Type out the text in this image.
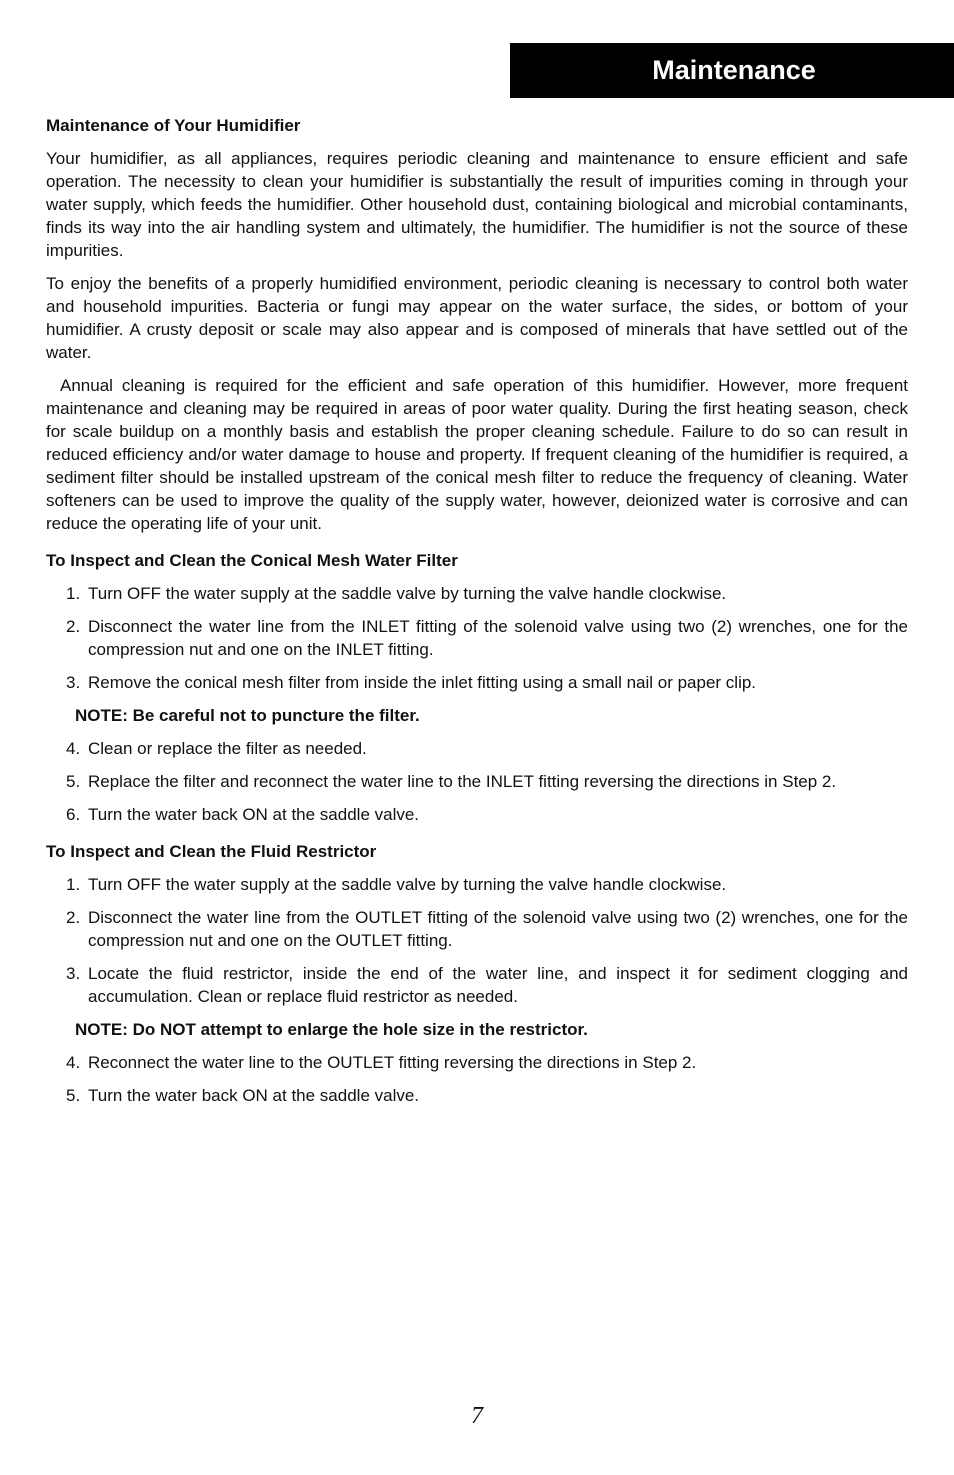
Maintenance
Maintenance of Your Humidifier

Your humidifier, as all appliances, requires periodic cleaning and maintenance to ensure efficient and safe operation. The necessity to clean your humidifier is substantially the result of impurities coming in through your water supply, which feeds the humidifier. Other household dust, containing biological and microbial contaminants, finds its way into the air handling system and ultimately, the humidifier. The humidifier is not the source of these impurities.

To enjoy the benefits of a properly humidified environment, periodic cleaning is necessary to control both water and household impurities. Bacteria or fungi may appear on the water surface, the sides, or bottom of your humidifier. A crusty deposit or scale may also appear and is composed of minerals that have settled out of the water.

Annual cleaning is required for the efficient and safe operation of this humidifier. However, more frequent maintenance and cleaning may be required in areas of poor water quality. During the first heating season, check for scale buildup on a monthly basis and establish the proper cleaning schedule. Failure to do so can result in reduced efficiency and/or water damage to house and property. If frequent cleaning of the humidifier is required, a sediment filter should be installed upstream of the conical mesh filter to reduce the frequency of cleaning. Water softeners can be used to improve the quality of the supply water, however, deionized water is corrosive and can reduce the operating life of your unit.

To Inspect and Clean the Conical Mesh Water Filter
1. Turn OFF the water supply at the saddle valve by turning the valve handle clockwise.
2. Disconnect the water line from the INLET fitting of the solenoid valve using two (2) wrenches, one for the compression nut and one on the INLET fitting.
3. Remove the conical mesh filter from inside the inlet fitting using a small nail or paper clip.
NOTE: Be careful not to puncture the filter.
4. Clean or replace the filter as needed.
5. Replace the filter and reconnect the water line to the INLET fitting reversing the directions in Step 2.
6. Turn the water back ON at the saddle valve.
To Inspect and Clean the Fluid Restrictor
1. Turn OFF the water supply at the saddle valve by turning the valve handle clockwise.
2. Disconnect the water line from the OUTLET fitting of the solenoid valve using two (2) wrenches, one for the compression nut and one on the OUTLET fitting.
3. Locate the fluid restrictor, inside the end of the water line, and inspect it for sediment clogging and accumulation. Clean or replace fluid restrictor as needed.
NOTE: Do NOT attempt to enlarge the hole size in the restrictor.
4. Reconnect the water line to the OUTLET fitting reversing the directions in Step 2.
5. Turn the water back ON at the saddle valve.
7
